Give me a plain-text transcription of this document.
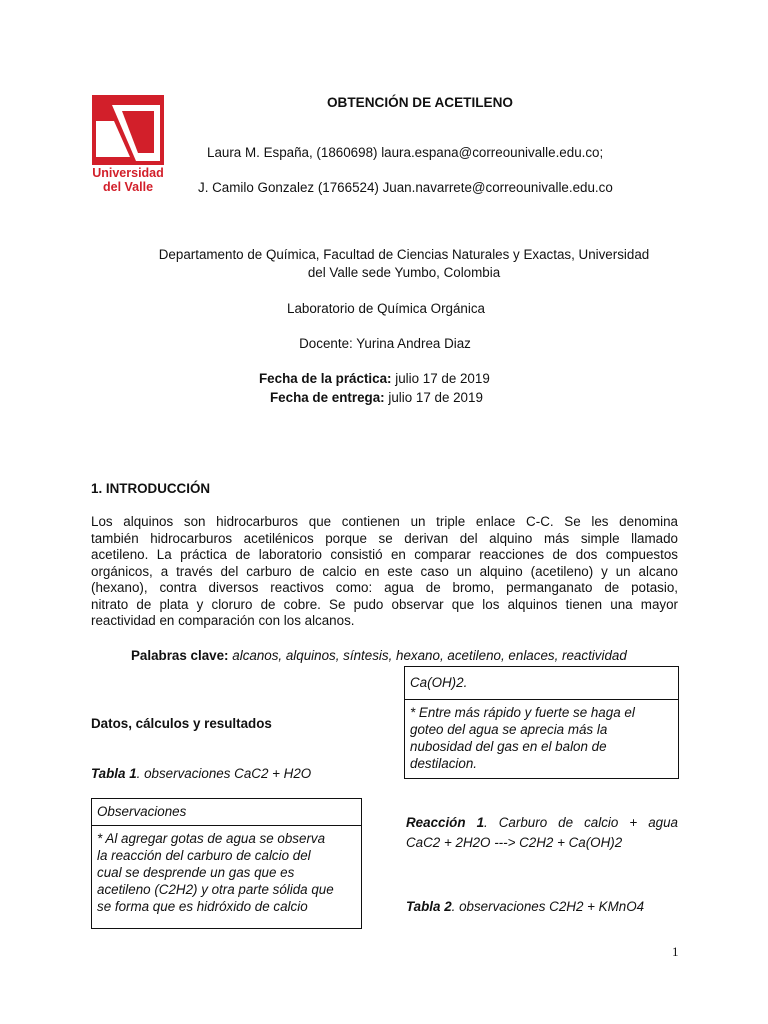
Universidad
del Valle
OBTENCIÓN DE ACETILENO
Laura M. España, (1860698) laura.espana@correounivalle.edu.co;
J. Camilo Gonzalez (1766524) Juan.navarrete@correounivalle.edu.co
Departamento de Química, Facultad de Ciencias Naturales y Exactas, Universidad
del Valle sede Yumbo, Colombia
Laboratorio de Química Orgánica
Docente: Yurina Andrea Diaz
Fecha de la práctica: julio 17 de 2019
Fecha de entrega: julio 17 de 2019
1. INTRODUCCIÓN
Los alquinos son hidrocarburos que contienen un triple enlace C-C. Se les denomina
también hidrocarburos acetilénicos porque se derivan del alquino más simple llamado
acetileno. La práctica de laboratorio consistió en comparar reacciones de dos compuestos
orgánicos, a través del carburo de calcio en este caso un alquino (acetileno) y un alcano
(hexano), contra diversos reactivos como: agua de bromo, permanganato de potasio,
nitrato de plata y cloruro de cobre. Se pudo observar que los alquinos tienen una mayor
reactividad en comparación con los alcanos.
Palabras clave: alcanos, alquinos, síntesis, hexano, acetileno, enlaces, reactividad
Datos, cálculos y resultados
Tabla 1. observaciones CaC2 + H2O
Observaciones
* Al agregar gotas de agua se observa
la reacción del carburo de calcio del
cual se desprende un gas que es
acetileno (C2H2) y otra parte sólida que
se forma que es hidróxido de calcio
Ca(OH)2.
* Entre más rápido y fuerte se haga el
goteo del agua se aprecia más la
nubosidad del gas en el balon de
destilacion.
Reacción 1. Carburo de calcio + agua
CaC2 + 2H2O ---> C2H2 + Ca(OH)2
Tabla 2. observaciones C2H2 + KMnO4
1
